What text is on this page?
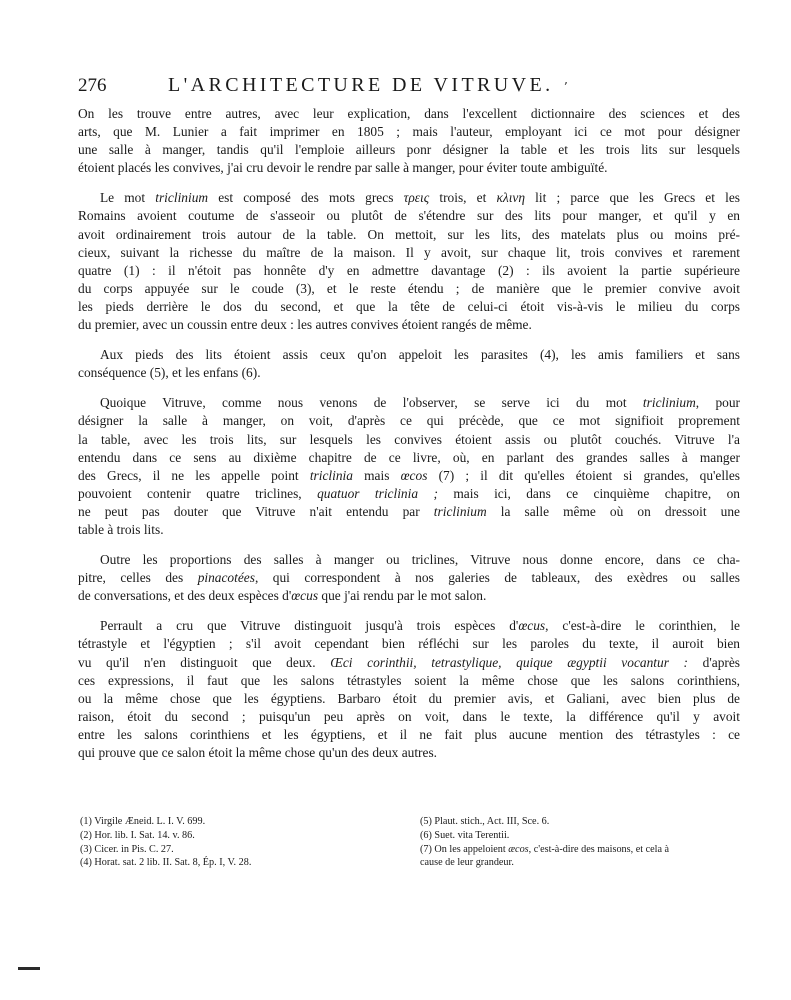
276	L'ARCHITECTURE DE VITRUVE. ʼ
On les trouve entre autres, avec leur explication, dans l'excellent dictionnaire des sciences et des
arts, que M. Lunier a fait imprimer en 1805 ; mais l'auteur, employant ici ce mot pour désigner
une salle à manger, tandis qu'il l'emploie ailleurs ponr désigner la table et les trois lits sur lesquels
étoient placés les convives, j'ai cru devoir le rendre par salle à manger, pour éviter toute ambiguïté.
Le mot triclinium est composé des mots grecs τρεις trois, et κλινη lit ; parce que les Grecs et les
Romains avoient coutume de s'asseoir ou plutôt de s'étendre sur des lits pour manger, et qu'il y en
avoit ordinairement trois autour de la table. On mettoit, sur les lits, des matelats plus ou moins pré-
cieux, suivant la richesse du maître de la maison. Il y avoit, sur chaque lit, trois convives et rarement
quatre (1) : il n'étoit pas honnête d'y en admettre davantage (2) : ils avoient la partie supérieure
du corps appuyée sur le coude (3), et le reste étendu ; de manière que le premier convive avoit
les pieds derrière le dos du second, et que la tête de celui-ci étoit vis-à-vis le milieu du corps
du premier, avec un coussin entre deux : les autres convives étoient rangés de même.
Aux pieds des lits étoient assis ceux qu'on appeloit les parasites (4), les amis familiers et sans
conséquence (5), et les enfans (6).
Quoique Vitruve, comme nous venons de l'observer, se serve ici du mot triclinium, pour
désigner la salle à manger, on voit, d'après ce qui précède, que ce mot signifioit proprement
la table, avec les trois lits, sur lesquels les convives étoient assis ou plutôt couchés. Vitruve l'a
entendu dans ce sens au dixième chapitre de ce livre, où, en parlant des grandes salles à manger
des Grecs, il ne les appelle point triclinia mais œcos (7) ; il dit qu'elles étoient si grandes, qu'elles
pouvoient contenir quatre triclines, quatuor triclinia ; mais ici, dans ce cinquième chapitre, on
ne peut pas douter que Vitruve n'ait entendu par triclinium la salle même où on dressoit une
table à trois lits.
Outre les proportions des salles à manger ou triclines, Vitruve nous donne encore, dans ce cha-
pitre, celles des pinacotées, qui correspondent à nos galeries de tableaux, des exèdres ou salles
de conversations, et des deux espèces d'œcus que j'ai rendu par le mot salon.
Perrault a cru que Vitruve distinguoit jusqu'à trois espèces d'œcus, c'est-à-dire le corinthien, le
tétrastyle et l'égyptien ; s'il avoit cependant bien réfléchi sur les paroles du texte, il auroit bien
vu qu'il n'en distinguoit que deux. Œci corinthii, tetrastylique, quique ægyptii vocantur : d'après
ces expressions, il faut que les salons tétrastyles soient la même chose que les salons corinthiens,
ou la même chose que les égyptiens. Barbaro étoit du premier avis, et Galiani, avec bien plus de
raison, étoit du second ; puisqu'un peu après on voit, dans le texte, la différence qu'il y avoit
entre les salons corinthiens et les égyptiens, et il ne fait plus aucune mention des tétrastyles : ce
qui prouve que ce salon étoit la même chose qu'un des deux autres.
(1) Virgile Æneid. L. I. V. 699.
(2) Hor. lib. I. Sat. 14. v. 86.
(3) Cicer. in Pis. C. 27.
(4) Horat. sat. 2 lib. II. Sat. 8, Ép. I, V. 28.
(5) Plaut. stich., Act. III, Sce. 6.
(6) Suet. vita Terentii.
(7) On les appeloient æcos, c'est-à-dire des maisons, et cela à
cause de leur grandeur.
